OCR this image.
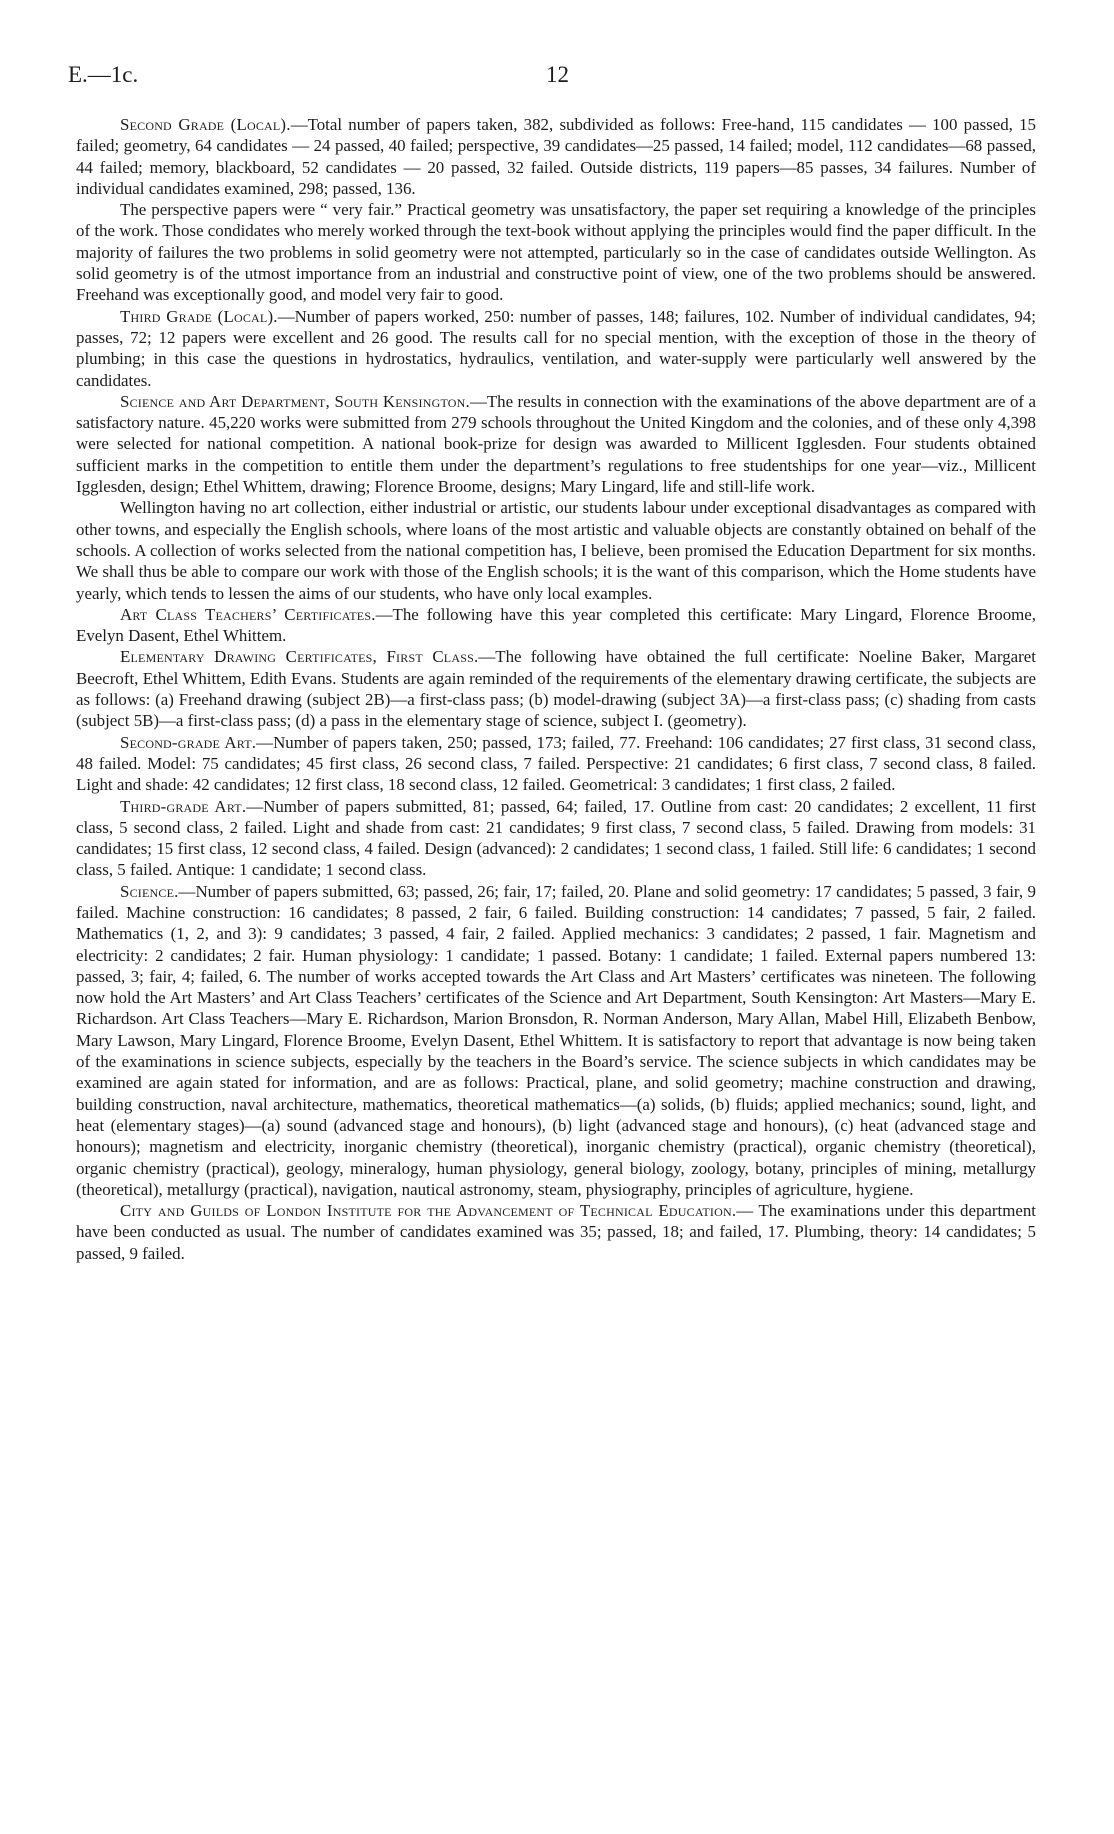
E.—1c.	12

Second Grade (Local).—Total number of papers taken, 382, subdivided as follows: Free-hand, 115 candidates — 100 passed, 15 failed; geometry, 64 candidates — 24 passed, 40 failed; perspective, 39 candidates—25 passed, 14 failed; model, 112 candidates—68 passed, 44 failed; memory, blackboard, 52 candidates — 20 passed, 32 failed. Outside districts, 119 papers—85 passes, 34 failures. Number of individual candidates examined, 298; passed, 136.

The perspective papers were “ very fair.” Practical geometry was unsatisfactory, the paper set requiring a knowledge of the principles of the work. Those condidates who merely worked through the text-book without applying the principles would find the paper difficult. In the majority of failures the two problems in solid geometry were not attempted, particularly so in the case of candidates outside Wellington. As solid geometry is of the utmost importance from an industrial and constructive point of view, one of the two problems should be answered. Freehand was exceptionally good, and model very fair to good.

Third Grade (Local).—Number of papers worked, 250: number of passes, 148; failures, 102. Number of individual candidates, 94; passes, 72; 12 papers were excellent and 26 good. The results call for no special mention, with the exception of those in the theory of plumbing; in this case the questions in hydrostatics, hydraulics, ventilation, and water-supply were particularly well answered by the candidates.

Science and Art Department, South Kensington.—The results in connection with the examinations of the above department are of a satisfactory nature. 45,220 works were submitted from 279 schools throughout the United Kingdom and the colonies, and of these only 4,398 were selected for national competition. A national book-prize for design was awarded to Millicent Igglesden. Four students obtained sufficient marks in the competition to entitle them under the department’s regulations to free studentships for one year—viz., Millicent Igglesden, design; Ethel Whittem, drawing; Florence Broome, designs; Mary Lingard, life and still-life work.

Wellington having no art collection, either industrial or artistic, our students labour under exceptional disadvantages as compared with other towns, and especially the English schools, where loans of the most artistic and valuable objects are constantly obtained on behalf of the schools. A collection of works selected from the national competition has, I believe, been promised the Education Department for six months. We shall thus be able to compare our work with those of the English schools; it is the want of this comparison, which the Home students have yearly, which tends to lessen the aims of our students, who have only local examples.

Art Class Teachers’ Certificates.—The following have this year completed this certificate: Mary Lingard, Florence Broome, Evelyn Dasent, Ethel Whittem.

Elementary Drawing Certificates, First Class.—The following have obtained the full certificate: Noeline Baker, Margaret Beecroft, Ethel Whittem, Edith Evans. Students are again reminded of the requirements of the elementary drawing certificate, the subjects are as follows: (a) Freehand drawing (subject 2B)—a first-class pass; (b) model-drawing (subject 3A)—a first-class pass; (c) shading from casts (subject 5B)—a first-class pass; (d) a pass in the elementary stage of science, subject I. (geometry).

Second-grade Art.—Number of papers taken, 250; passed, 173; failed, 77. Freehand: 106 candidates; 27 first class, 31 second class, 48 failed. Model: 75 candidates; 45 first class, 26 second class, 7 failed. Perspective: 21 candidates; 6 first class, 7 second class, 8 failed. Light and shade: 42 candidates; 12 first class, 18 second class, 12 failed. Geometrical: 3 candidates; 1 first class, 2 failed.

Third-grade Art.—Number of papers submitted, 81; passed, 64; failed, 17. Outline from cast: 20 candidates; 2 excellent, 11 first class, 5 second class, 2 failed. Light and shade from cast: 21 candidates; 9 first class, 7 second class, 5 failed. Drawing from models: 31 candidates; 15 first class, 12 second class, 4 failed. Design (advanced): 2 candidates; 1 second class, 1 failed. Still life: 6 candidates; 1 second class, 5 failed. Antique: 1 candidate; 1 second class.

Science.—Number of papers submitted, 63; passed, 26; fair, 17; failed, 20. Plane and solid geometry: 17 candidates; 5 passed, 3 fair, 9 failed. Machine construction: 16 candidates; 8 passed, 2 fair, 6 failed. Building construction: 14 candidates; 7 passed, 5 fair, 2 failed. Mathematics (1, 2, and 3): 9 candidates; 3 passed, 4 fair, 2 failed. Applied mechanics: 3 candidates; 2 passed, 1 fair. Magnetism and electricity: 2 candidates; 2 fair. Human physiology: 1 candidate; 1 passed. Botany: 1 candidate; 1 failed. External papers numbered 13: passed, 3; fair, 4; failed, 6. The number of works accepted towards the Art Class and Art Masters’ certificates was nineteen. The following now hold the Art Masters’ and Art Class Teachers’ certificates of the Science and Art Department, South Kensington: Art Masters—Mary E. Richardson. Art Class Teachers—Mary E. Richardson, Marion Bronsdon, R. Norman Anderson, Mary Allan, Mabel Hill, Elizabeth Benbow, Mary Lawson, Mary Lingard, Florence Broome, Evelyn Dasent, Ethel Whittem. It is satisfactory to report that advantage is now being taken of the examinations in science subjects, especially by the teachers in the Board’s service. The science subjects in which candidates may be examined are again stated for information, and are as follows: Practical, plane, and solid geometry; machine construction and drawing, building construction, naval architecture, mathematics, theoretical mathematics—(a) solids, (b) fluids; applied mechanics; sound, light, and heat (elementary stages)—(a) sound (advanced stage and honours), (b) light (advanced stage and honours), (c) heat (advanced stage and honours); magnetism and electricity, inorganic chemistry (theoretical), inorganic chemistry (practical), organic chemistry (theoretical), organic chemistry (practical), geology, mineralogy, human physiology, general biology, zoology, botany, principles of mining, metallurgy (theoretical), metallurgy (practical), navigation, nautical astronomy, steam, physiography, principles of agriculture, hygiene.

City and Guilds of London Institute for the Advancement of Technical Education.— The examinations under this department have been conducted as usual. The number of candidates examined was 35; passed, 18; and failed, 17. Plumbing, theory: 14 candidates; 5 passed, 9 failed.
